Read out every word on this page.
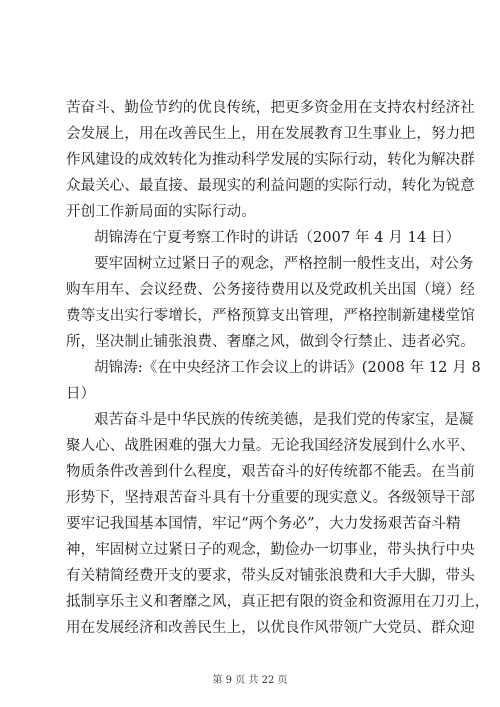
苦奋斗、勤俭节约的优良传统，把更多资金用在支持农村经济社
会发展上，用在改善民生上，用在发展教育卫生事业上，努力把
作风建设的成效转化为推动科学发展的实际行动，转化为解决群
众最关心、最直接、最现实的利益问题的实际行动，转化为锐意
开创工作新局面的实际行动。
胡锦涛在宁夏考察工作时的讲话（2007 年 4 月 14 日）
要牢固树立过紧日子的观念，严格控制一般性支出，对公务
购车用车、会议经费、公务接待费用以及党政机关出国（境）经
费等支出实行零增长，严格预算支出管理，严格控制新建楼堂馆
所，坚决制止铺张浪费、奢靡之风，做到令行禁止、违者必究。
胡锦涛:《在中央经济工作会议上的讲话》(2008 年 12 月 8
日）
艰苦奋斗是中华民族的传统美德，是我们党的传家宝，是凝
聚人心、战胜困难的强大力量。无论我国经济发展到什么水平、
物质条件改善到什么程度，艰苦奋斗的好传统都不能丢。在当前
形势下，坚持艰苦奋斗具有十分重要的现实意义。各级领导干部
要牢记我国基本国情，牢记“两个务必”，大力发扬艰苦奋斗精
神，牢固树立过紧日子的观念，勤俭办一切事业，带头执行中央
有关精简经费开支的要求，带头反对铺张浪费和大手大脚，带头
抵制享乐主义和奢靡之风，真正把有限的资金和资源用在刀刃上，
用在发展经济和改善民生上，以优良作风带领广大党员、群众迎
第 9 页 共 22 页
